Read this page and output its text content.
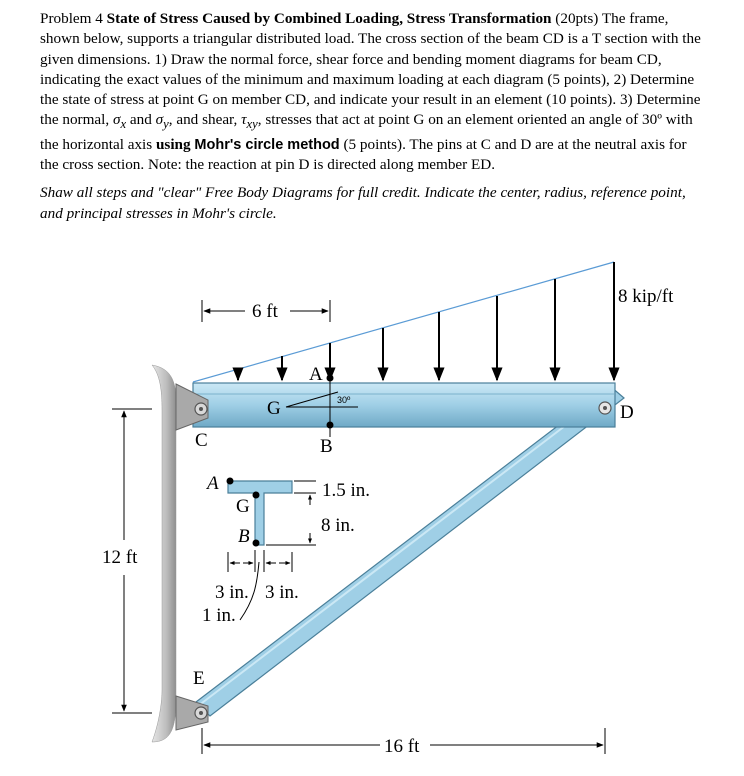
Problem 4 State of Stress Caused by Combined Loading, Stress Transformation (20pts) The frame, shown below, supports a triangular distributed load. The cross section of the beam CD is a T section with the given dimensions. 1) Draw the normal force, shear force and bending moment diagrams for beam CD, indicating the exact values of the minimum and maximum loading at each diagram (5 points), 2) Determine the state of stress at point G on member CD, and indicate your result in an element (10 points). 3) Determine the normal, $\sigma_x$ and $\sigma_y$, and shear, $\tau_{xy}$, stresses that act at point G on an element oriented an angle of 30º with the horizontal axis using Mohr's circle method (5 points). The pins at C and D are at the neutral axis for the cross section. Note: the reaction at pin D is directed along member ED.

Shaw all steps and "clear" Free Body Diagrams for full credit. Indicate the center, radius, reference point, and principal stresses in Mohr's circle.

8 kip/ft
6 ft
30º
A
G
B
C
D
E
12 ft
16 ft
A
G
B
1.5 in.
8 in.
3 in. 3 in.
1 in.
